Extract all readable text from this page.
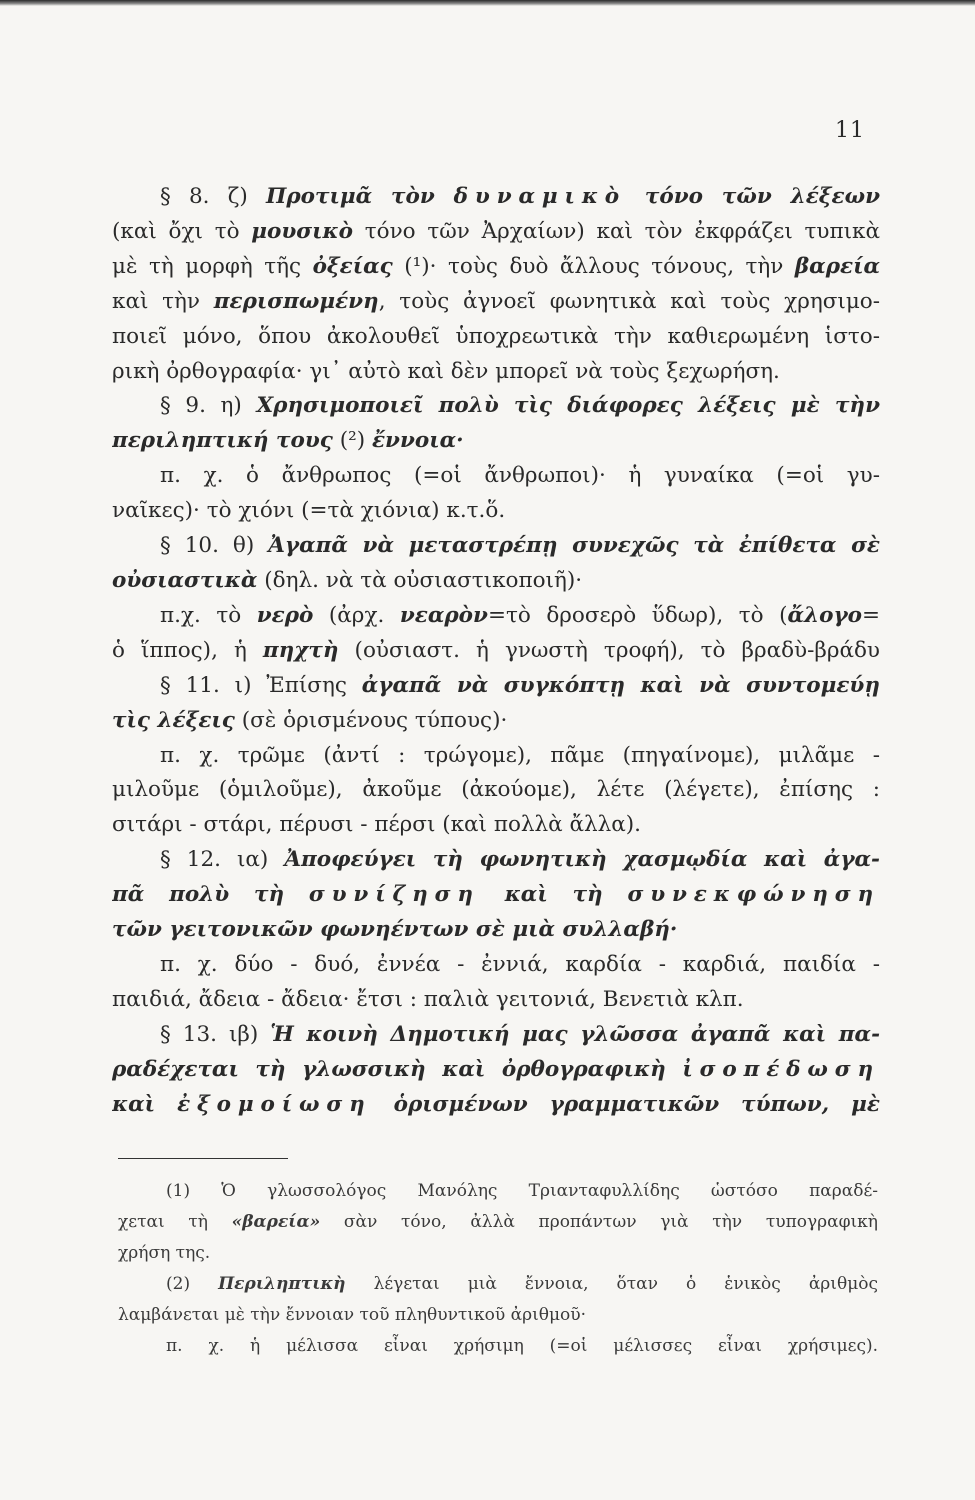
11
§ 8. ζ) Προτιμᾶ τὸν δυναμικὸ τόνο τῶν λέξεων
(καὶ ὄχι τὸ μουσικὸ τόνο τῶν Ἀρχαίων) καὶ τὸν ἐκφράζει τυπικὰ
μὲ τὴ μορφὴ τῆς ὀξείας (¹)· τοὺς δυὸ ἄλλους τόνους, τὴν βαρεία
καὶ τὴν περισπωμένη, τοὺς ἀγνοεῖ φωνητικὰ καὶ τοὺς χρησιμο-
ποιεῖ μόνο, ὅπου ἀκολουθεῖ ὑποχρεωτικὰ τὴν καθιερωμένη ἱστο-
ρικὴ ὀρθογραφία· γι᾿ αὐτὸ καὶ δὲν μπορεῖ νὰ τοὺς ξεχωρήση.
§ 9. η) Χρησιμοποιεῖ πολὺ τὶς διάφορες λέξεις μὲ τὴν
περιληπτική τους (²) ἔννοια·
π. χ. ὁ ἄνθρωπος (=οἱ ἄνθρωποι)· ἡ γυναίκα (=οἱ γυ-
ναῖκες)· τὸ χιόνι (=τὰ χιόνια) κ.τ.ὅ.
§ 10. θ) Ἀγαπᾶ νὰ μεταστρέπῃ συνεχῶς τὰ ἐπίθετα σὲ
οὐσιαστικὰ (δηλ. νὰ τὰ οὐσιαστικοποιῆ)·
π.χ. τὸ νερὸ (ἀρχ. νεαρὸν=τὸ δροσερὸ ὕδωρ), τὸ (ἄλογο=
ὁ ἵππος), ἡ πηχτὴ (οὐσιαστ. ἡ γνωστὴ τροφή), τὸ βραδὺ-βράδυ
§ 11. ι) Ἐπίσης ἀγαπᾶ νὰ συγκόπτῃ καὶ νὰ συντομεύῃ
τὶς λέξεις (σὲ ὁρισμένους τύπους)·
π. χ. τρῶμε (ἀντί : τρώγομε), πᾶμε (πηγαίνομε), μιλᾶμε -
μιλοῦμε (ὁμιλοῦμε), ἀκοῦμε (ἀκούομε), λέτε (λέγετε), ἐπίσης :
σιτάρι - στάρι, πέρυσι - πέρσι (καὶ πολλὰ ἄλλα).
§ 12. ια) Ἀποφεύγει τὴ φωνητικὴ χασμῳδία καὶ ἀγα-
πᾶ πολὺ τὴ συνίζηση καὶ τὴ συνεκφώνηση
τῶν γειτονικῶν φωνηέντων σὲ μιὰ συλλαβή·
π. χ. δύο - δυό, ἐννέα - ἐννιά, καρδία - καρδιά, παιδία -
παιδιά, ἄδεια - ἄδεια· ἔτσι : παλιὰ γειτονιά, Βενετιὰ κλπ.
§ 13. ιβ) Ἡ κοινὴ Δημοτική μας γλῶσσα ἀγαπᾶ καὶ πα-
ραδέχεται τὴ γλωσσικὴ καὶ ὀρθογραφικὴ ἰσοπέδωση
καὶ ἐξομοίωση ὁρισμένων γραμματικῶν τύπων, μὲ
(1) Ὁ γλωσσολόγος Μανόλης Τριανταφυλλίδης ὡστόσο παραδέ-
χεται τὴ «βαρεία» σὰν τόνο, ἀλλὰ προπάντων γιὰ τὴν τυπογραφικὴ
χρήση της.
(2) Περιληπτικὴ λέγεται μιὰ ἔννοια, ὅταν ὁ ἑνικὸς ἀριθμὸς
λαμβάνεται μὲ τὴν ἔννοιαν τοῦ πληθυντικοῦ ἀριθμοῦ·
π. χ. ἡ μέλισσα εἶναι χρήσιμη (=οἱ μέλισσες εἶναι χρήσιμες).
